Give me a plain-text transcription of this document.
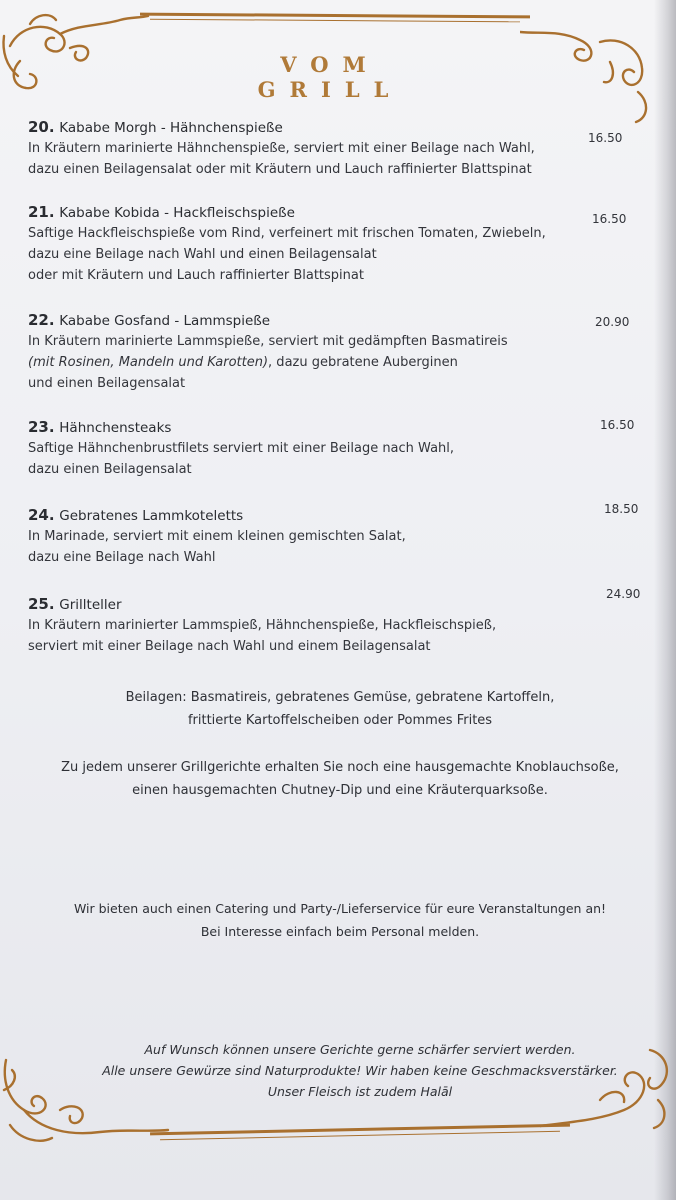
VOM GRILL

20. Kababe Morgh - Hähnchenspieße

In Kräutern marinierte Hähnchenspieße, serviert mit einer Beilage nach Wahl,
dazu einen Beilagensalat oder mit Kräutern und Lauch raffinierter Blattspinat

16.50

21. Kababe Kobida - Hackfleischspieße

Saftige Hackfleischspieße vom Rind, verfeinert mit frischen Tomaten, Zwiebeln,
dazu eine Beilage nach Wahl und einen Beilagensalat
oder mit Kräutern und Lauch raffinierter Blattspinat

16.50

22. Kababe Gosfand - Lammspieße

In Kräutern marinierte Lammspieße, serviert mit gedämpften Basmatireis
(mit Rosinen, Mandeln und Karotten), dazu gebratene Auberginen
und einen Beilagensalat

20.90

23. Hähnchensteaks

Saftige Hähnchenbrustfilets serviert mit einer Beilage nach Wahl,
dazu einen Beilagensalat

16.50

24. Gebratenes Lammkoteletts

In Marinade, serviert mit einem kleinen gemischten Salat,
dazu eine Beilage nach Wahl

18.50

25. Grillteller

In Kräutern marinierter Lammspieß, Hähnchenspieße, Hackfleischspieß,
serviert mit einer Beilage nach Wahl und einem Beilagensalat

24.90
Beilagen: Basmatireis, gebratenes Gemüse, gebratene Kartoffeln,
frittierte Kartoffelscheiben oder Pommes Frites
Zu jedem unserer Grillgerichte erhalten Sie noch eine hausgemachte Knoblauchsoße,
einen hausgemachten Chutney-Dip und eine Kräuterquarksoße.
Wir bieten auch einen Catering und Party-/Lieferservice für eure Veranstaltungen an!
Bei Interesse einfach beim Personal melden.
Auf Wunsch können unsere Gerichte gerne schärfer serviert werden.
Alle unsere Gewürze sind Naturprodukte! Wir haben keine Geschmacksverstärker.
Unser Fleisch ist zudem Halāl
